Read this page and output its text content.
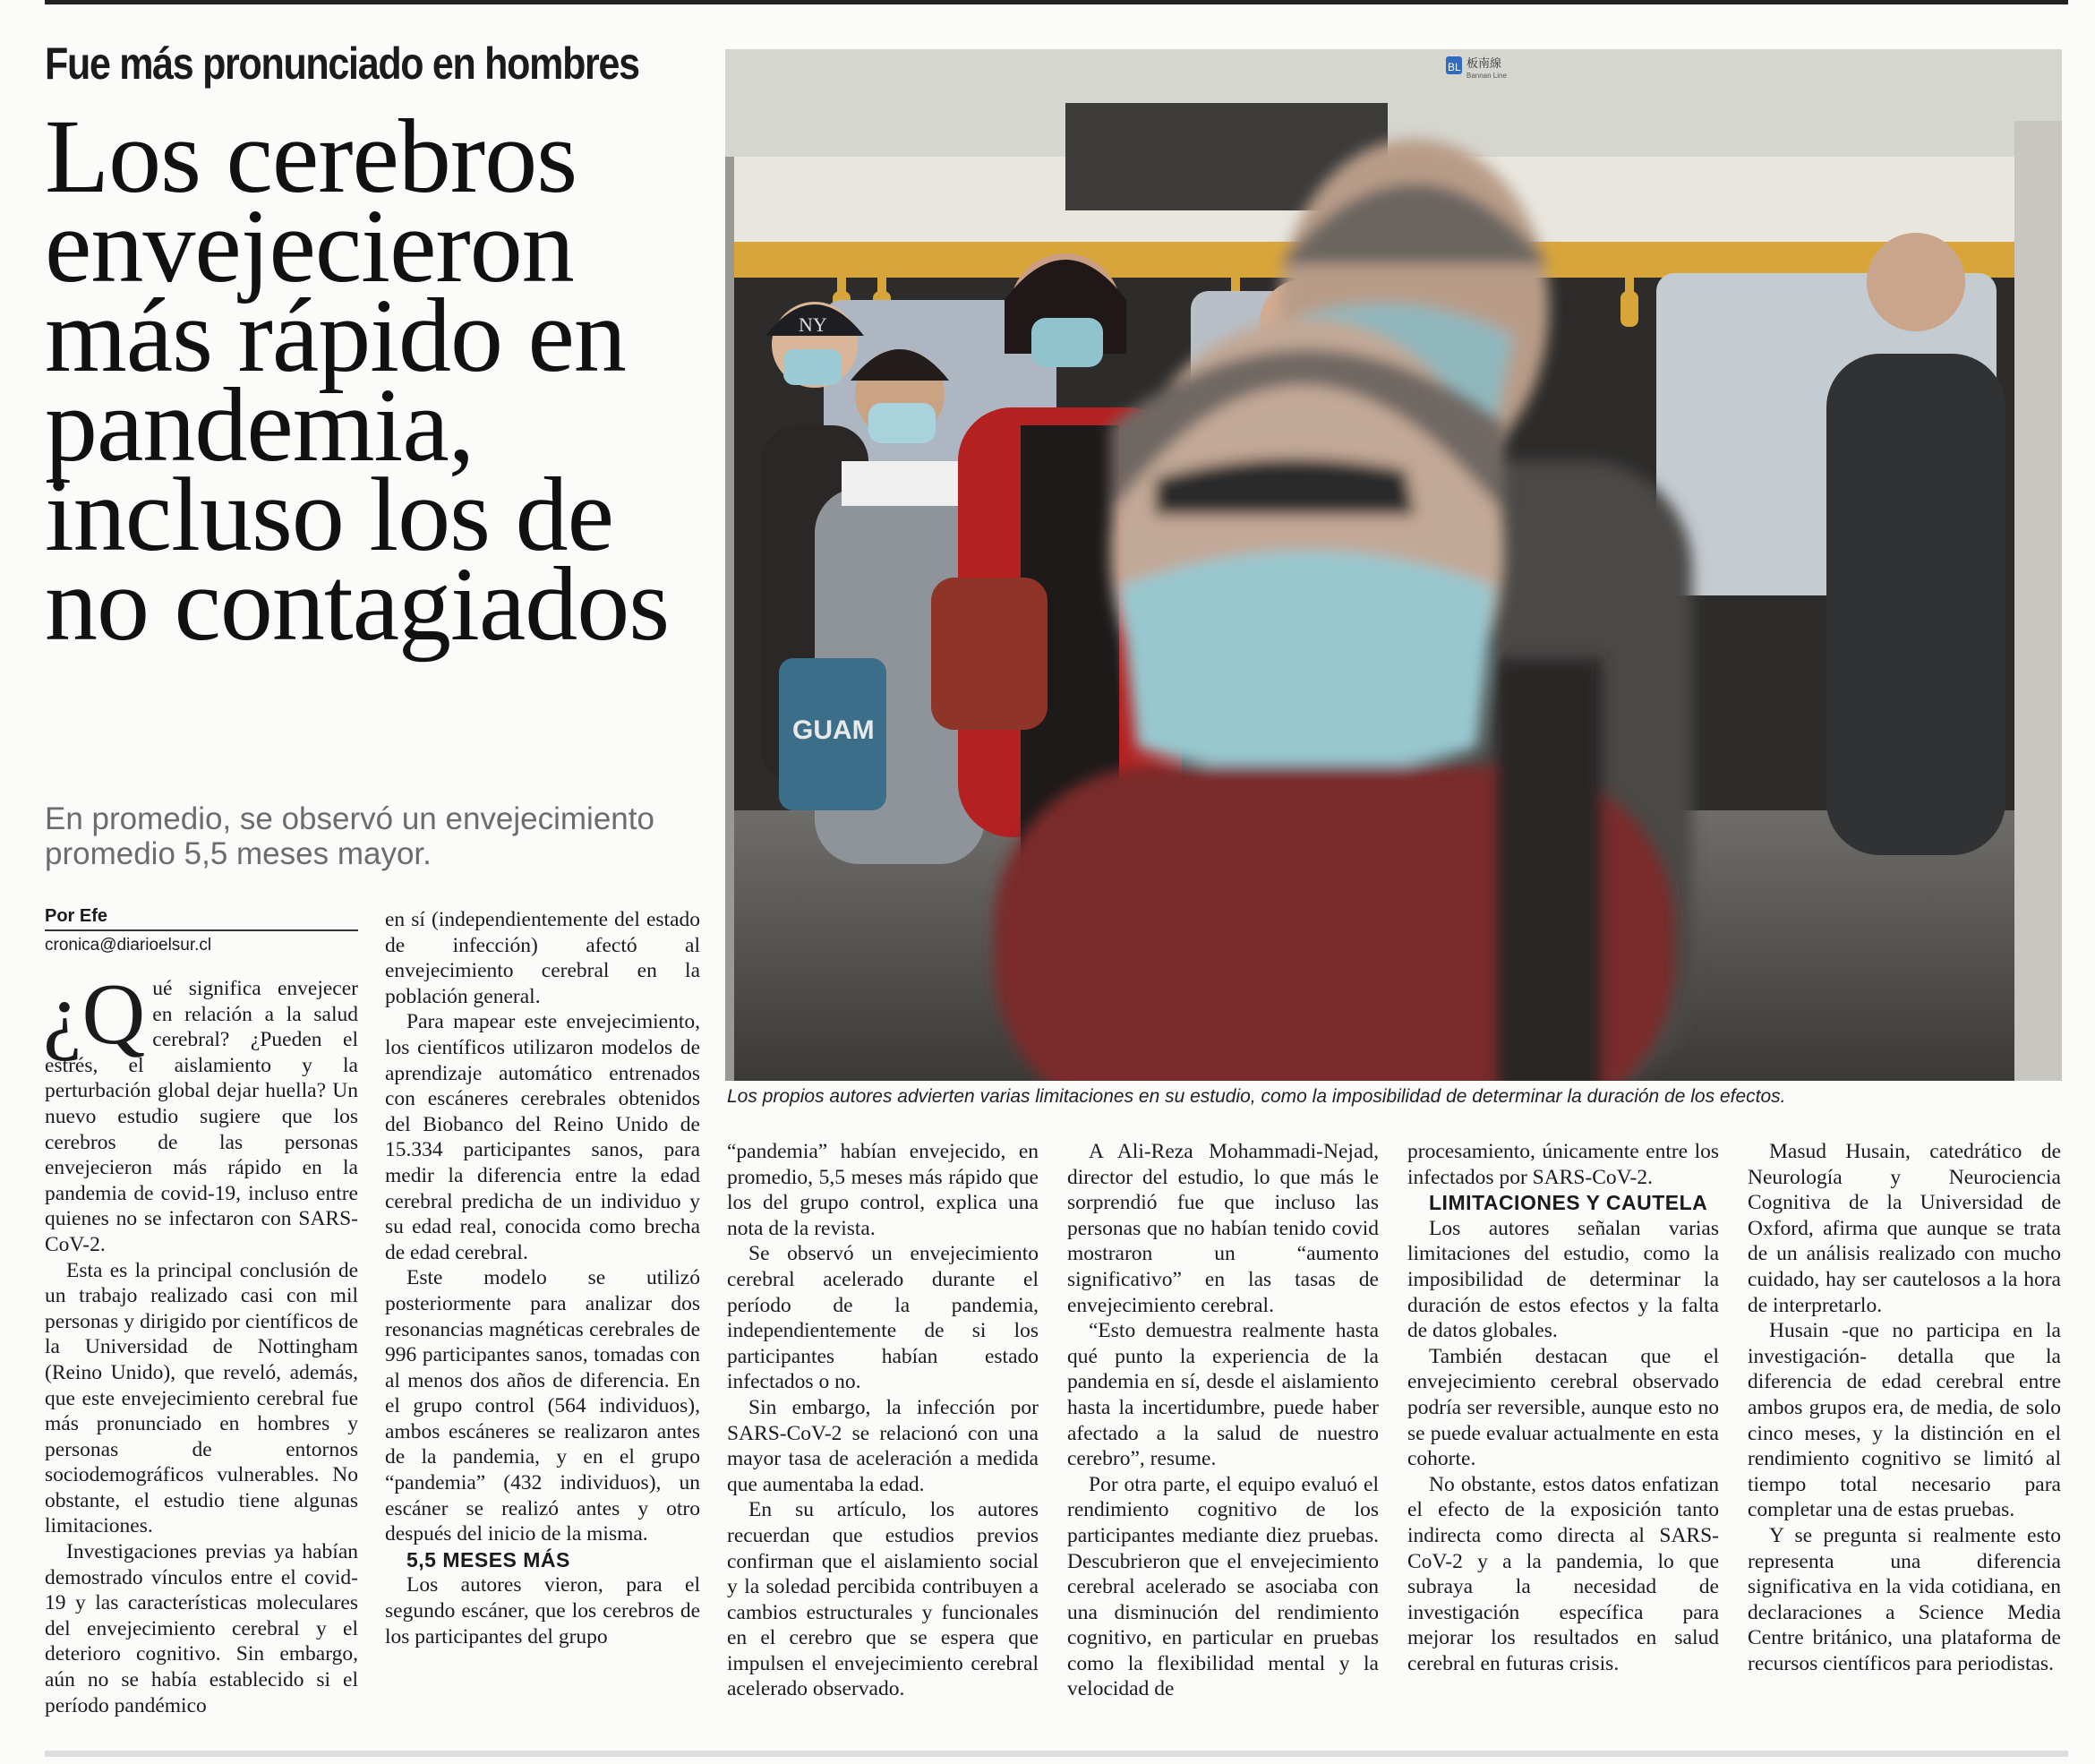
Fue más pronunciado en hombres
Los cerebros envejecieron más rápido en pandemia, incluso los de no contagiados
En promedio, se observó un envejecimiento promedio 5,5 meses mayor.
Por Efe
cronica@diarioelsur.cl

¿Q ué significa envejecer en relación a la salud cerebral? ¿Pueden el estrés, el aislamiento y la perturbación global dejar huella? Un nuevo estudio sugiere que los cerebros de las personas envejecieron más rápido en la pandemia de covid-19, incluso entre quienes no se infectaron con SARS-CoV-2.

Esta es la principal conclusión de un trabajo realizado casi con mil personas y dirigido por científicos de la Universidad de Nottingham (Reino Unido), que reveló, además, que este envejecimiento cerebral fue más pronunciado en hombres y personas de entornos sociodemográficos vulnerables. No obstante, el estudio tiene algunas limitaciones.

Investigaciones previas ya habían demostrado vínculos entre el covid-19 y las características moleculares del envejecimiento cerebral y el deterioro cognitivo. Sin embargo, aún no se había establecido si el período pandémico

en sí (independientemente del estado de infección) afectó al envejecimiento cerebral en la población general.

Para mapear este envejecimiento, los científicos utilizaron modelos de aprendizaje automático entrenados con escáneres cerebrales obtenidos del Biobanco del Reino Unido de 15.334 participantes sanos, para medir la diferencia entre la edad cerebral predicha de un individuo y su edad real, conocida como brecha de edad cerebral.

Este modelo se utilizó posteriormente para analizar dos resonancias magnéticas cerebrales de 996 participantes sanos, tomadas con al menos dos años de diferencia. En el grupo control (564 individuos), ambos escáneres se realizaron antes de la pandemia, y en el grupo “pandemia” (432 individuos), un escáner se realizó antes y otro después del inicio de la misma.

5,5 MESES MÁS

Los autores vieron, para el segundo escáner, que los cerebros de los participantes del grupo

“pandemia” habían envejecido, en promedio, 5,5 meses más rápido que los del grupo control, explica una nota de la revista.

Se observó un envejecimiento cerebral acelerado durante el período de la pandemia, independientemente de si los participantes habían estado infectados o no.

Sin embargo, la infección por SARS-CoV-2 se relacionó con una mayor tasa de aceleración a medida que aumentaba la edad.

En su artículo, los autores recuerdan que estudios previos confirman que el aislamiento social y la soledad percibida contribuyen a cambios estructurales y funcionales en el cerebro que se espera que impulsen el envejecimiento cerebral acelerado observado.

A Ali-Reza Mohammadi-Nejad, director del estudio, lo que más le sorprendió fue que incluso las personas que no habían tenido covid mostraron un “aumento significativo” en las tasas de envejecimiento cerebral.

“Esto demuestra realmente hasta qué punto la experiencia de la pandemia en sí, desde el aislamiento hasta la incertidumbre, puede haber afectado a la salud de nuestro cerebro”, resume.

Por otra parte, el equipo evaluó el rendimiento cognitivo de los participantes mediante diez pruebas. Descubrieron que el envejecimiento cerebral acelerado se asociaba con una disminución del rendimiento cognitivo, en particular en pruebas como la flexibilidad mental y la velocidad de

procesamiento, únicamente entre los infectados por SARS-CoV-2.

LIMITACIONES Y CAUTELA

Los autores señalan varias limitaciones del estudio, como la imposibilidad de determinar la duración de estos efectos y la falta de datos globales.

También destacan que el envejecimiento cerebral observado podría ser reversible, aunque esto no se puede evaluar actualmente en esta cohorte.

No obstante, estos datos enfatizan el efecto de la exposición tanto indirecta como directa al SARS-CoV-2 y a la pandemia, lo que subraya la necesidad de investigación específica para mejorar los resultados en salud cerebral en futuras crisis.

Masud Husain, catedrático de Neurología y Neurociencia Cognitiva de la Universidad de Oxford, afirma que aunque se trata de un análisis realizado con mucho cuidado, hay ser cautelosos a la hora de interpretarlo.

Husain -que no participa en la investigación- detalla que la diferencia de edad cerebral entre ambos grupos era, de media, de solo cinco meses, y la distinción en el rendimiento cognitivo se limitó al tiempo total necesario para completar una de estas pruebas.

Y se pregunta si realmente esto representa una diferencia significativa en la vida cotidiana, en declaraciones a Science Media Centre británico, una plataforma de recursos científicos para periodistas.

BL 板南線
Bannan Line
NY
GUAM
Los propios autores advierten varias limitaciones en su estudio, como la imposibilidad de determinar la duración de los efectos.
